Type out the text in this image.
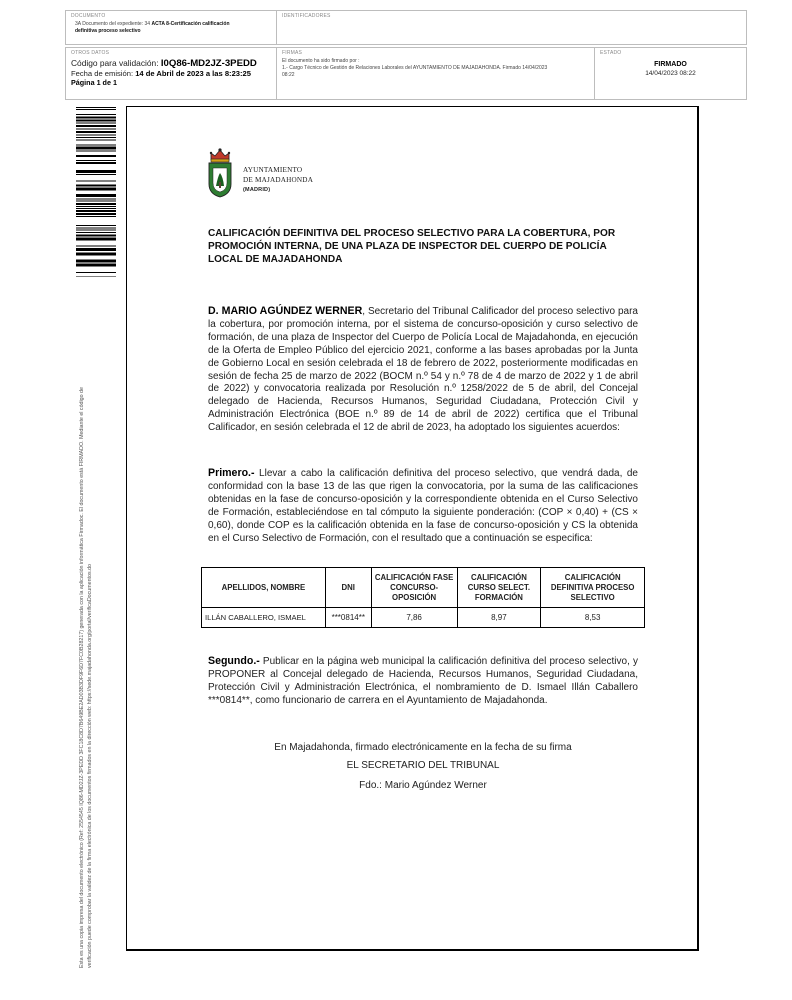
DOCUMENTO
3A Documento del expediente: 34 ACTA 8-Certificación calificación
definitiva proceso selectivo
IDENTIFICADORES
OTROS DATOS
Código para validación: I0Q86-MD2JZ-3PEDD
Fecha de emisión: 14 de Abril de 2023 a las 8:23:25
Página 1 de 1
FIRMAS
El documento ha sido firmado por :
1.- Cargo Técnico de Gestión de Relaciones Laborales del AYUNTAMIENTO DE MAJADAHONDA. Firmado 14/04/2023
08:22
ESTADO
FIRMADO
14/04/2023 08:22
Esta es una copia impresa del documento electrónico (Ref: 2554545 IQ86-MD2JZ-3PEDD 3FC18C8D7B649BE2AD03B3DF9F6D7FC0B28217) generada con la aplicación informática Firmadoc. El documento está FIRMADO. Mediante el código de verificación puede comprobar la validez de la firma electrónica de los documentos firmados en la dirección web: https://sede.majadahonda.org/portal/verificaDocumentos.do
AYUNTAMIENTO
DE MAJADAHONDA
(MADRID)
CALIFICACIÓN DEFINITIVA DEL PROCESO SELECTIVO PARA LA COBERTURA, POR PROMOCIÓN INTERNA, DE UNA PLAZA DE INSPECTOR DEL CUERPO DE POLICÍA LOCAL DE MAJADAHONDA
D. MARIO AGÚNDEZ WERNER, Secretario del Tribunal Calificador del proceso selectivo para la cobertura, por promoción interna, por el sistema de concurso-oposición y curso selectivo de formación, de una plaza de Inspector del Cuerpo de Policía Local de Majadahonda, en ejecución de la Oferta de Empleo Público del ejercicio 2021, conforme a las bases aprobadas por la Junta de Gobierno Local en sesión celebrada el 18 de febrero de 2022, posteriormente modificadas en sesión de fecha 25 de marzo de 2022 (BOCM n.º 54 y n.º 78 de 4 de marzo de 2022 y 1 de abril de 2022) y convocatoria realizada por Resolución n.º 1258/2022 de 5 de abril, del Concejal delegado de Hacienda, Recursos Humanos, Seguridad Ciudadana, Protección Civil y Administración Electrónica (BOE n.º 89 de 14 de abril de 2022) certifica que el Tribunal Calificador, en sesión celebrada el 12 de abril de 2023, ha adoptado los siguientes acuerdos:
Primero.- Llevar a cabo la calificación definitiva del proceso selectivo, que vendrá dada, de conformidad con la base 13 de las que rigen la convocatoria, por la suma de las calificaciones obtenidas en la fase de concurso-oposición y la correspondiente obtenida en el Curso Selectivo de Formación, estableciéndose en tal cómputo la siguiente ponderación: (COP × 0,40) + (CS × 0,60), donde COP es la calificación obtenida en la fase de concurso-oposición y CS la obtenida en el Curso Selectivo de Formación, con el resultado que a continuación se especifica:
APELLIDOS, NOMBRE	DNI	CALIFICACIÓN FASE CONCURSO-OPOSICIÓN	CALIFICACIÓN CURSO SELECT. FORMACIÓN	CALIFICACIÓN DEFINITIVA PROCESO SELECTIVO
ILLÁN CABALLERO, ISMAEL	***0814**	7,86	8,97	8,53
Segundo.- Publicar en la página web municipal la calificación definitiva del proceso selectivo, y PROPONER al Concejal delegado de Hacienda, Recursos Humanos, Seguridad Ciudadana, Protección Civil y Administración Electrónica, el nombramiento de D. Ismael Illán Caballero ***0814**, como funcionario de carrera en el Ayuntamiento de Majadahonda.
En Majadahonda, firmado electrónicamente en la fecha de su firma
EL SECRETARIO DEL TRIBUNAL
Fdo.: Mario Agúndez Werner
